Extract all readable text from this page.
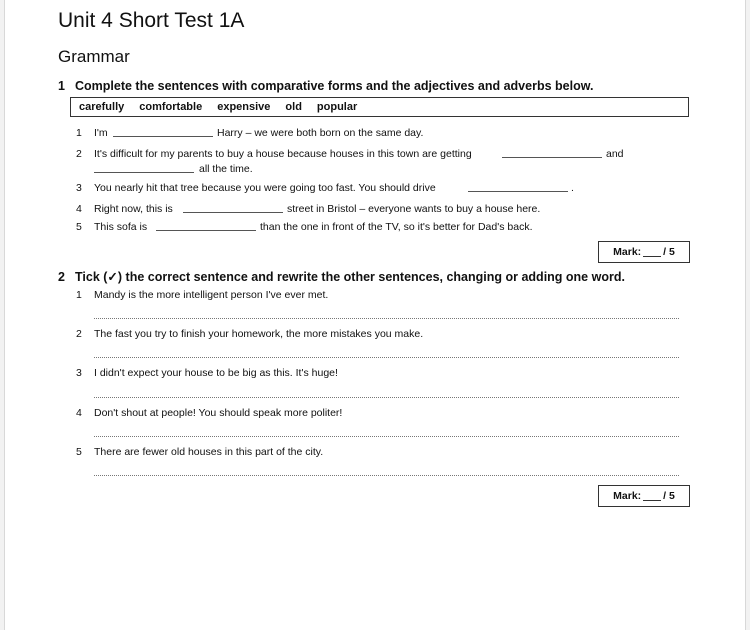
Unit 4 Short Test 1A
Grammar
1 Complete the sentences with comparative forms and the adjectives and adverbs below.
carefully comfortable expensive old popular
1 I'm	Harry – we were both born on the same day.
2 It's difficult for my parents to buy a house because houses in this town are getting	and
all the time.
3 You nearly hit that tree because you were going too fast. You should drive	.
4 Right now, this is	street in Bristol – everyone wants to buy a house here.
5 This sofa is	than the one in front of the TV, so it's better for Dad's back.
Mark: / 5
2 Tick (✓) the correct sentence and rewrite the other sentences, changing or adding one word.
1 Mandy is the more intelligent person I've ever met.
2 The fast you try to finish your homework, the more mistakes you make.
3 I didn't expect your house to be big as this. It's huge!
4 Don't shout at people! You should speak more politer!
5 There are fewer old houses in this part of the city.
Mark: / 5
